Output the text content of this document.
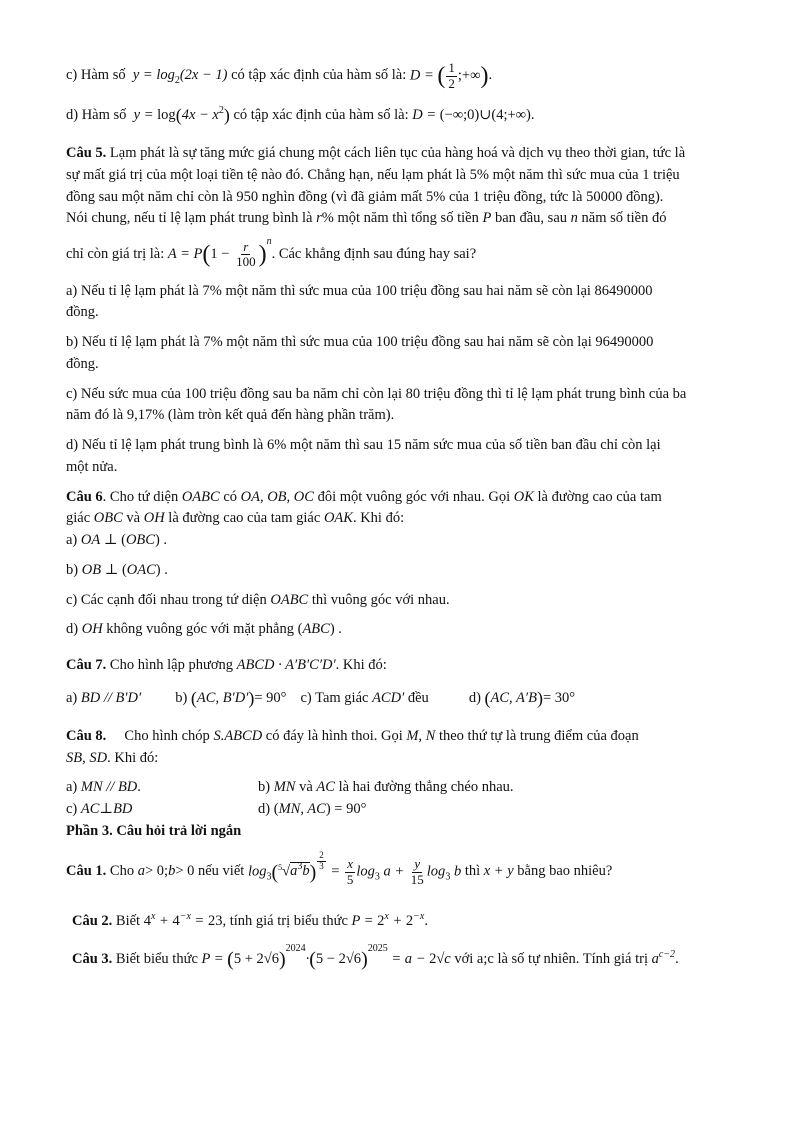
c) Hàm số
$y = \log_2(2x - 1)$
có tập xác định của hàm số là:
D = ( $\frac{1}{2}$ ;+∞) .
d) Hàm số
$y = \log(4x - x^2)$
có tập xác định của hàm số là:
D = (−∞;0)∪(4;+∞) .
Câu 5. Lạm phát là sự tăng mức giá chung một cách liên tục của hàng hoá và dịch vụ theo thời gian, tức là
sự mất giá trị của một loại tiền tệ nào đó. Chẳng hạn, nếu lạm phát là 5% một năm thì sức mua của 1 triệu
đồng sau một năm chỉ còn là 950 nghìn đồng (vì đã giảm mất 5% của 1 triệu đồng, tức là 50000 đồng).
Nói chung, nếu tỉ lệ lạm phát trung bình là r% một năm thì tổng số tiền P ban đầu, sau n năm số tiền đó
chỉ còn giá trị là:
$A = P(1 - \frac{r}{100} )^n$
. Các khẳng định sau đúng hay sai?
a) Nếu tỉ lệ lạm phát là 7% một năm thì sức mua của 100 triệu đồng sau hai năm sẽ còn lại 86490000
đồng.
b) Nếu tỉ lệ lạm phát là 7% một năm thì sức mua của 100 triệu đồng sau hai năm sẽ còn lại 96490000
đồng.
c) Nếu sức mua của 100 triệu đồng sau ba năm chỉ còn lại 80 triệu đồng thì tỉ lệ lạm phát trung bình của ba
năm đó là 9,17% (làm tròn kết quả đến hàng phần trăm).
d) Nếu tỉ lệ lạm phát trung bình là 6% một năm thì sau 15 năm sức mua của số tiền ban đầu chỉ còn lại
một nửa.
Câu 6. Cho tứ diện OABC có OA, OB, OC đôi một vuông góc với nhau. Gọi OK là đường cao của tam
giác OBC và OH là đường cao của tam giác OAK. Khi đó:
a) OA ⊥ (OBC) .
b) OB ⊥ (OAC) .
c) Các cạnh đối nhau trong tứ diện OABC thì vuông góc với nhau.
d) OH không vuông góc với mặt phẳng (ABC) .
Câu 7. Cho hình lập phương ABCD · A′B′C′D′. Khi đó:
a)
BD // B′D′ b)
(AC, B′D′) = 90° c) Tam giác
ACD′
đều	d)
(AC, A′B) = 30°
Câu 8. Cho hình chóp S.ABCD có đáy là hình thoi. Gọi M, N theo thứ tự là trung điểm của đoạn
SB, SD. Khi đó:
a)
MN // BD .	b) MN và AC là hai đường thẳng chéo nhau.
c)
AC ⊥ BD	d) (MN, AC) = 90°
Phần 3. Câu hỏi trả lời ngắn
Câu 1.
Cho
a > 0; b > 0 nếu viết
$\log_3(^5√a^3b) ^{\frac{2}{3}} = \frac{x}{5} \log_3 a + \frac{y}{15} \log_3 b$
thì
x + y
bằng bao nhiêu?
Câu 2.
Biết
$4^x + 4^{-x} = 23$ , tính giá trị biểu thức
$P = 2^x + 2^{-x}$ .
Câu 3.
Biết biểu thức
$P = (5 + 2√6)^{2024}\cdot(5 - 2√6)^{2025} = a - 2√c$
với a;c là số tự nhiên. Tính giá trị
$a^{c-2}$ .
